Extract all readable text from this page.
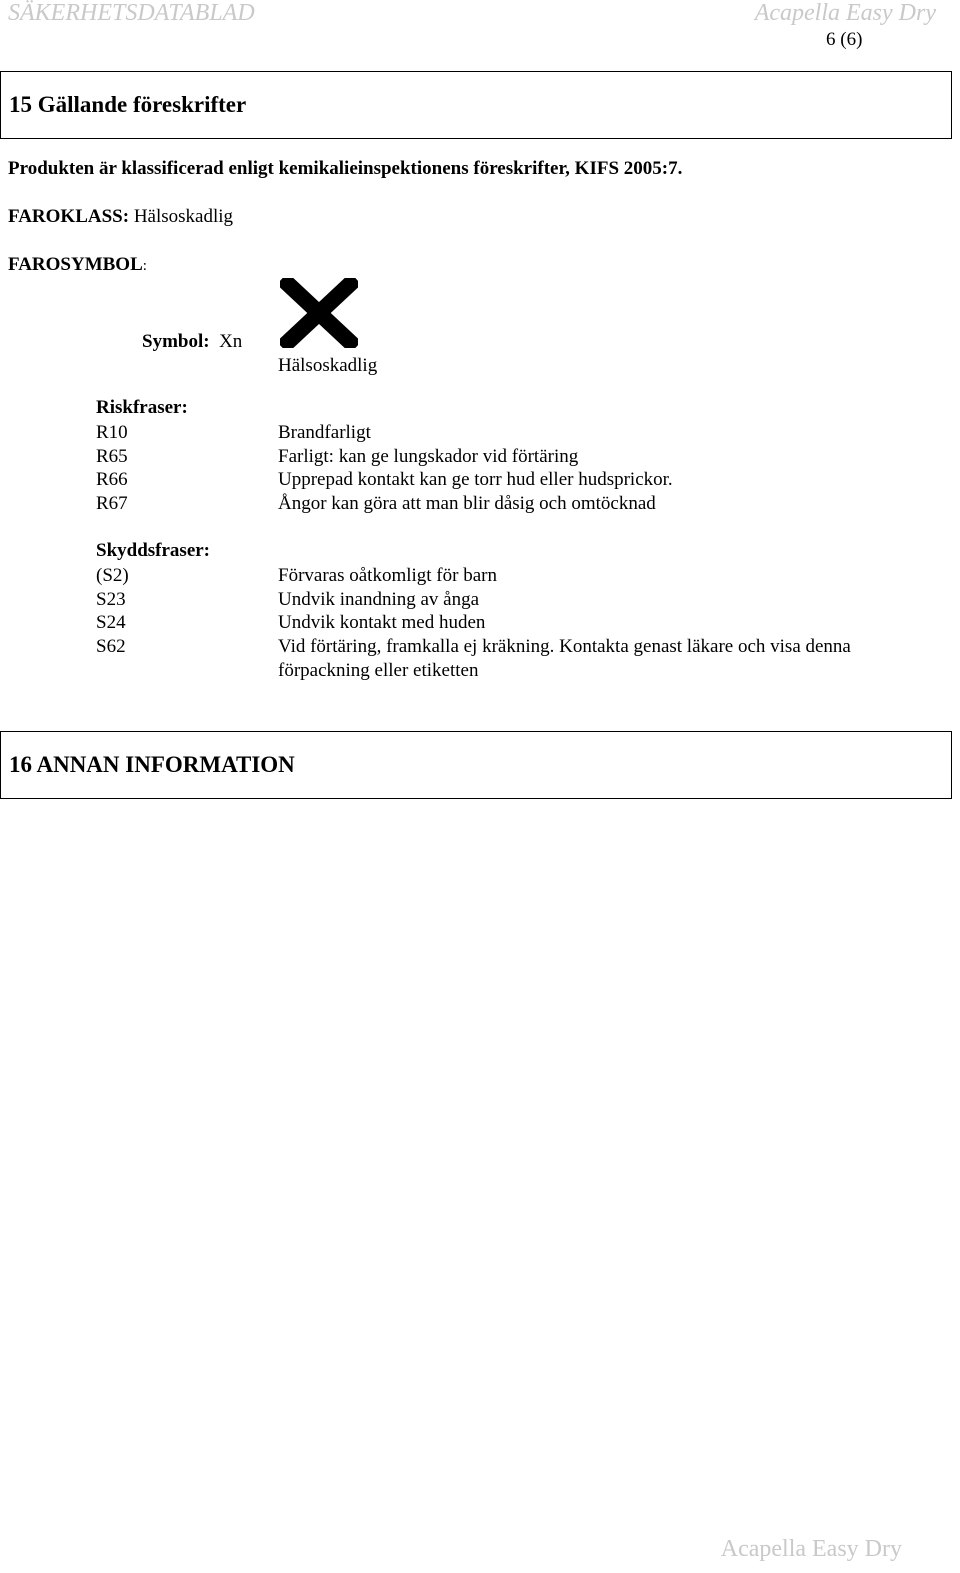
SÄKERHETSDATABLAD	Acapella Easy Dry
6 (6)
15 Gällande föreskrifter
Produkten är klassificerad enligt kemikalieinspektionens föreskrifter, KIFS 2005:7.
FAROKLASS: Hälsoskadlig
FAROSYMBOL:
Symbol: Xn
Hälsoskadlig
Riskfraser:
R10
R65
R66
R67
Brandfarligt
Farligt: kan ge lungskador vid förtäring
Upprepad kontakt kan ge torr hud eller hudsprickor.
Ångor kan göra att man blir dåsig och omtöcknad
Skyddsfraser:
(S2)
S23
S24
S62
Förvaras oåtkomligt för barn
Undvik inandning av ånga
Undvik kontakt med huden
Vid förtäring, framkalla ej kräkning. Kontakta genast läkare och visa denna
förpackning eller etiketten
16 ANNAN INFORMATION
Acapella Easy Dry
